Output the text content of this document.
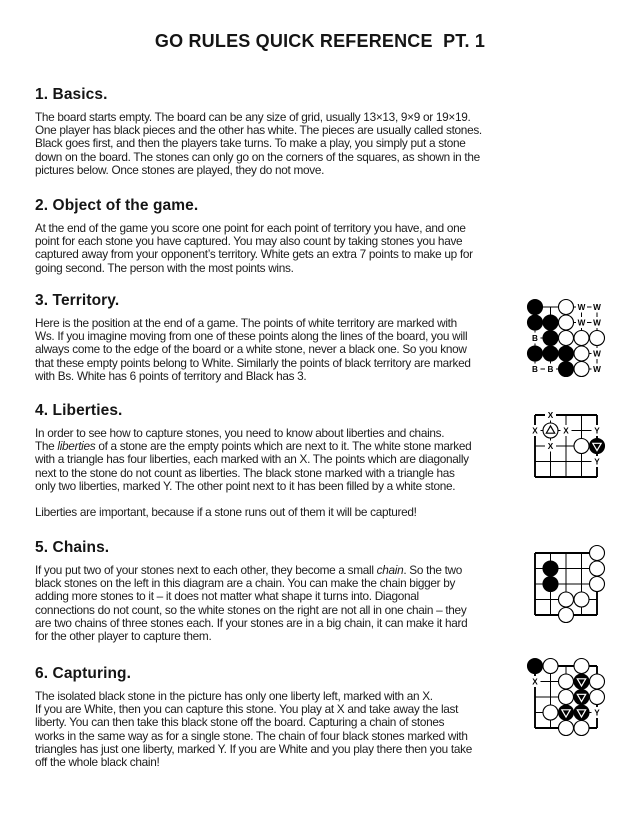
GO RULES QUICK REFERENCE  PT. 1
1. Basics.
The board starts empty. The board can be any size of grid, usually 13×13, 9×9 or 19×19.
One player has black pieces and the other has white. The pieces are usually called stones.
Black goes first, and then the players take turns. To make a play, you simply put a stone
down on the board. The stones can only go on the corners of the squares, as shown in the
pictures below. Once stones are played, they do not move.
2. Object of the game.
At the end of the game you score one point for each point of territory you have, and one
point for each stone you have captured. You may also count by taking stones you have
captured away from your opponent’s territory. White gets an extra 7 points to make up for
going second. The person with the most points wins.
3. Territory.
Here is the position at the end of a game. The points of white territory are marked with
Ws. If you imagine moving from one of these points along the lines of the board, you will
always come to the edge of the board or a white stone, never a black one. So you know
that these empty points belong to White. Similarly the points of black territory are marked
with Bs. White has 6 points of territory and Black has 3.
4. Liberties.
In order to see how to capture stones, you need to know about liberties and chains.
The liberties of a stone are the empty points which are next to it. The white stone marked
with a triangle has four liberties, each marked with an X. The points which are diagonally
next to the stone do not count as liberties. The black stone marked with a triangle has
only two liberties, marked Y. The other point next to it has been filled by a white stone.

Liberties are important, because if a stone runs out of them it will be captured!
5. Chains.
If you put two of your stones next to each other, they become a small chain. So the two
black stones on the left in this diagram are a chain. You can make the chain bigger by
adding more stones to it – it does not matter what shape it turns into. Diagonal
connections do not count, so the white stones on the right are not all in one chain – they
are two chains of three stones each. If your stones are in a big chain, it can make it hard
for the other player to capture them.
6. Capturing.
The isolated black stone in the picture has only one liberty left, marked with an X.
If you are White, then you can capture this stone. You play at X and take away the last
liberty. You can then take this black stone off the board. Capturing a chain of stones
works in the same way as for a single stone. The chain of four black stones marked with
triangles has just one liberty, marked Y. If you are White and you play there then you take
off the whole black chain!
W W
W W
B
W
B B	W
X
X	X	Y
X
Y
X
Y
